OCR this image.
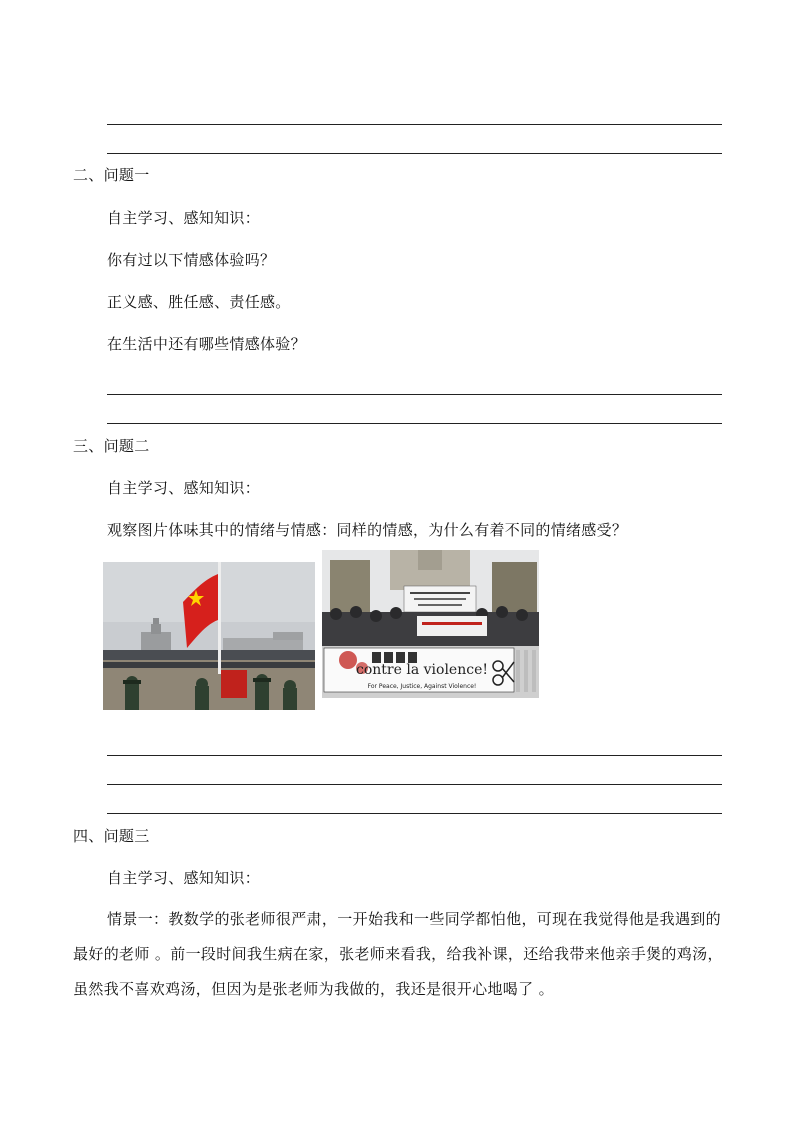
二、问题一
自主学习、感知知识：
你有过以下情感体验吗？
正义感、胜任感、责任感。
在生活中还有哪些情感体验？
三、问题二
自主学习、感知知识：
观察图片体味其中的情绪与情感：同样的情感，为什么有着不同的情绪感受？
contre la violence!
For Peace, Justice, Against Violence!
四、问题三
自主学习、感知知识：
情景一：教数学的张老师很严肃，一开始我和一些同学都怕他，可现在我觉得他是我遇到的最好的老师 。前一段时间我生病在家，张老师来看我，给我补课，还给我带来他亲手煲的鸡汤，虽然我不喜欢鸡汤，但因为是张老师为我做的，我还是很开心地喝了 。
